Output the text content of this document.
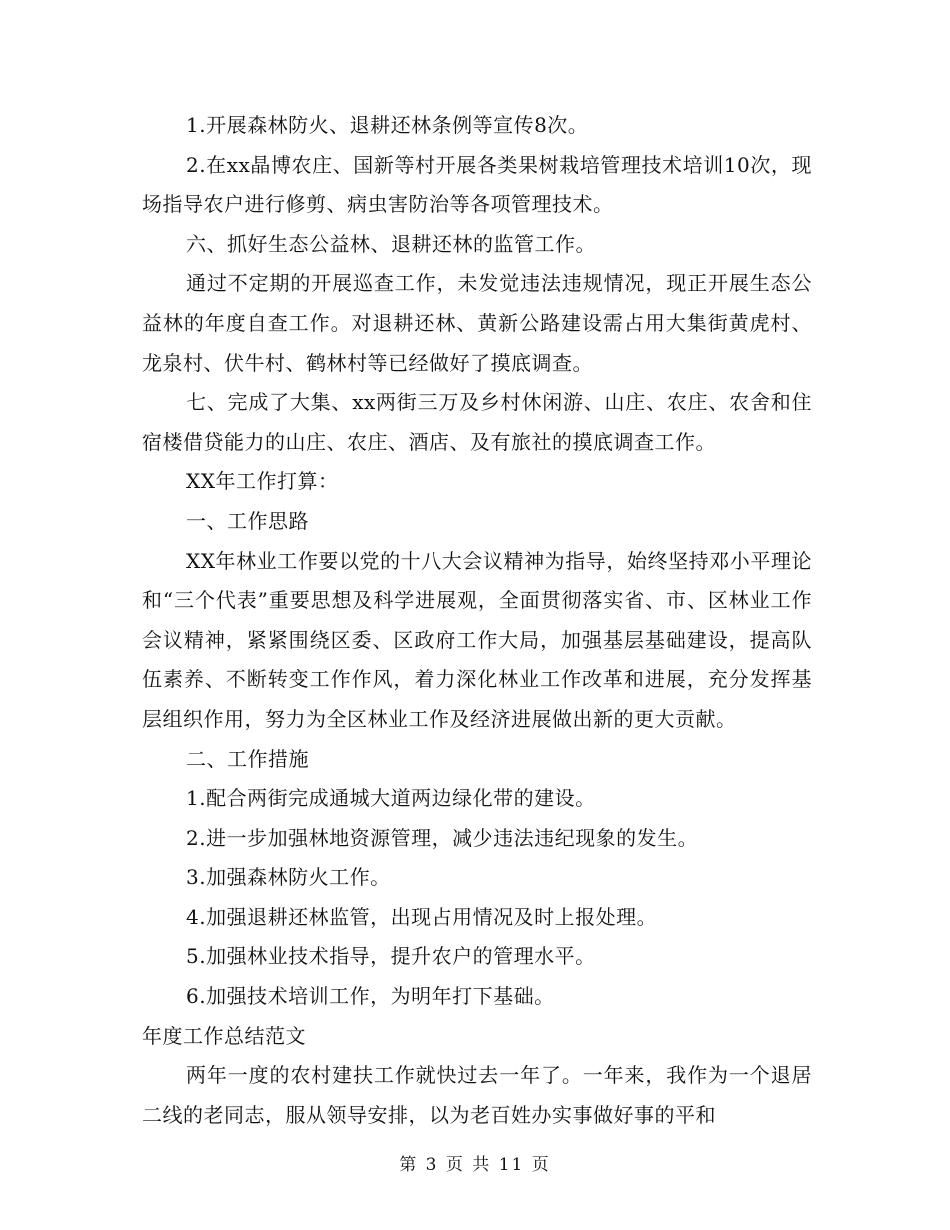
1.开展森林防火、退耕还林条例等宣传8次。

2.在xx晶博农庄、国新等村开展各类果树栽培管理技术培训10次，现场指导农户进行修剪、病虫害防治等各项管理技术。

六、抓好生态公益林、退耕还林的监管工作。

通过不定期的开展巡查工作，未发觉违法违规情况，现正开展生态公益林的年度自查工作。对退耕还林、黄新公路建设需占用大集街黄虎村、龙泉村、伏牛村、鹤林村等已经做好了摸底调查。

七、完成了大集、xx两街三万及乡村休闲游、山庄、农庄、农舍和住宿楼借贷能力的山庄、农庄、酒店、及有旅社的摸底调查工作。

XX年工作打算：

一、工作思路

XX年林业工作要以党的十八大会议精神为指导，始终坚持邓小平理论和“三个代表”重要思想及科学进展观，全面贯彻落实省、市、区林业工作会议精神，紧紧围绕区委、区政府工作大局，加强基层基础建设，提高队伍素养、不断转变工作作风，着力深化林业工作改革和进展，充分发挥基层组织作用，努力为全区林业工作及经济进展做出新的更大贡献。

二、工作措施

1.配合两街完成通城大道两边绿化带的建设。

2.进一步加强林地资源管理，减少违法违纪现象的发生。

3.加强森林防火工作。

4.加强退耕还林监管，出现占用情况及时上报处理。

5.加强林业技术指导，提升农户的管理水平。

6.加强技术培训工作，为明年打下基础。

年度工作总结范文

两年一度的农村建扶工作就快过去一年了。一年来，我作为一个退居二线的老同志，服从领导安排，以为老百姓办实事做好事的平和

第 3 页 共 11 页
